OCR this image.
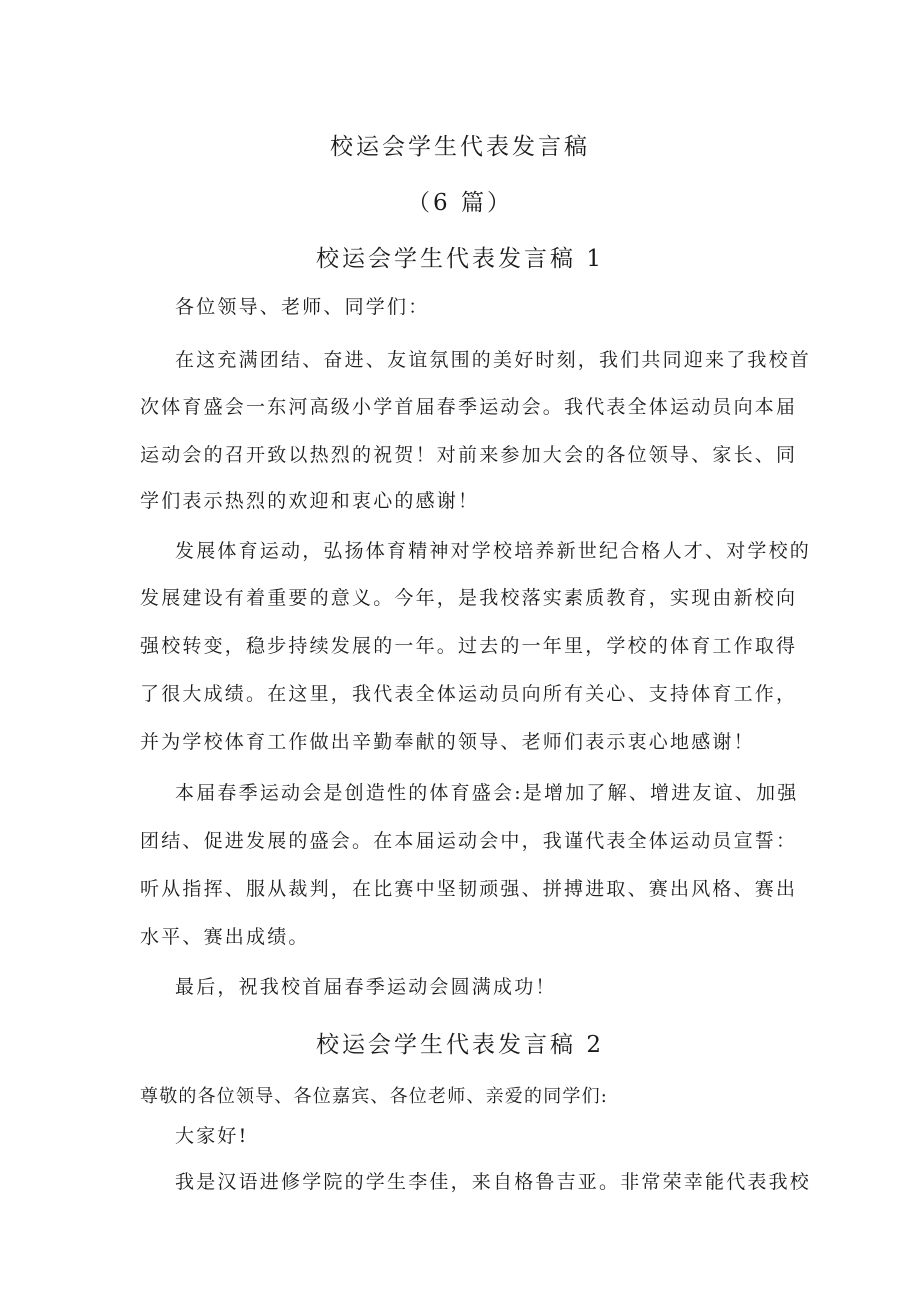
校运会学生代表发言稿
（6 篇）
校运会学生代表发言稿 1
各位领导、老师、同学们：
在这充满团结、奋进、友谊氛围的美好时刻，我们共同迎来了我校首
次体育盛会一东河高级小学首届春季运动会。我代表全体运动员向本届
运动会的召开致以热烈的祝贺！对前来参加大会的各位领导、家长、同
学们表示热烈的欢迎和衷心的感谢！
发展体育运动，弘扬体育精神对学校培养新世纪合格人才、对学校的
发展建设有着重要的意义。今年，是我校落实素质教育，实现由新校向
强校转变，稳步持续发展的一年。过去的一年里，学校的体育工作取得
了很大成绩。在这里，我代表全体运动员向所有关心、支持体育工作，
并为学校体育工作做出辛勤奉献的领导、老师们表示衷心地感谢！
本届春季运动会是创造性的体育盛会:是增加了解、增进友谊、加强
团结、促进发展的盛会。在本届运动会中，我谨代表全体运动员宣誓：
听从指挥、服从裁判，在比赛中坚韧顽强、拼搏进取、赛出风格、赛出
水平、赛出成绩。
最后，祝我校首届春季运动会圆满成功！
校运会学生代表发言稿 2
尊敬的各位领导、各位嘉宾、各位老师、亲爱的同学们:
大家好!
我是汉语进修学院的学生李佳，来自格鲁吉亚。非常荣幸能代表我校
